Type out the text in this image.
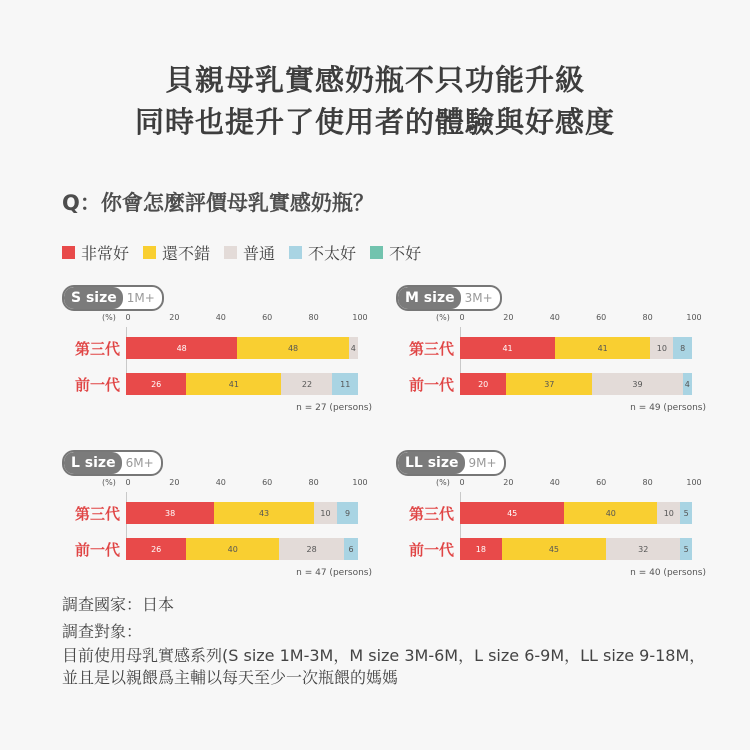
貝親母乳實感奶瓶不只功能升級
同時也提升了使用者的體驗與好感度
Q：你會怎麼評價母乳實感奶瓶？
非常好 還不錯 普通 不太好 不好
S size 1M+
(%) 0	20	40	60	80	100
第三代	48	48	4
前一代	26	41	22	11
n = 27 (persons)
M size 3M+
(%) 0	20	40	60	80	100
第三代	41	41	10	8
前一代	20	37	39	4
n = 49 (persons)
L size 6M+
(%) 0	20	40	60	80	100
第三代	38	43	10	9
前一代	26	40	28	6
n = 47 (persons)
LL size 9M+
(%) 0	20	40	60	80	100
第三代	45	40	10	5
前一代	18	45	32	5
n = 40 (persons)
調查國家：日本
調查對象：
目前使用母乳實感系列(S size 1M-3M，M size 3M-6M，L size 6-9M，LL size 9-18M，
並且是以親餵爲主輔以每天至少一次瓶餵的媽媽
